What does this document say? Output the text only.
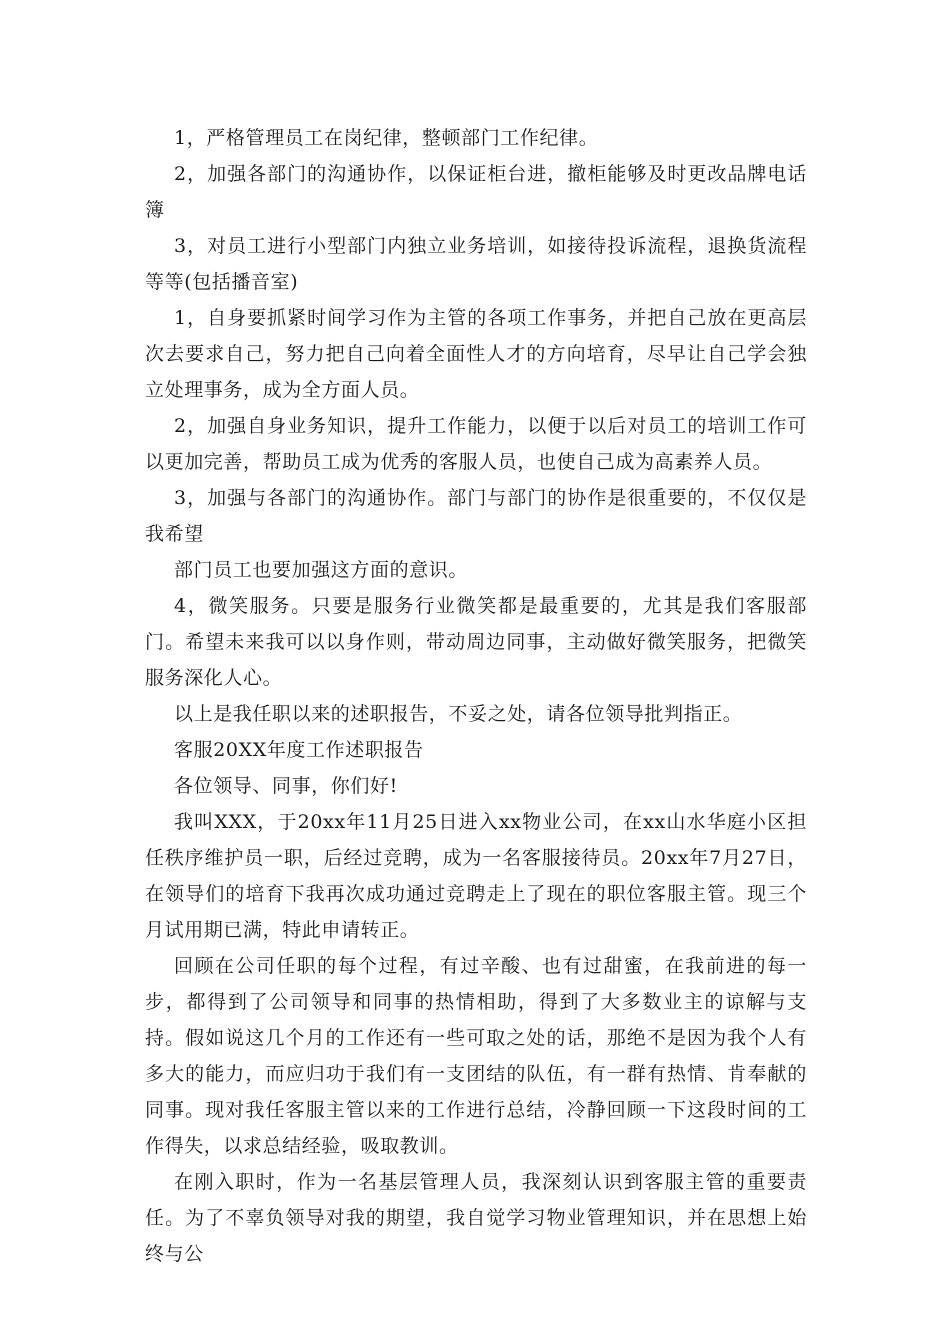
1，严格管理员工在岗纪律，整顿部门工作纪律。

2，加强各部门的沟通协作，以保证柜台进，撤柜能够及时更改品牌电话簿

3，对员工进行小型部门内独立业务培训，如接待投诉流程，退换货流程等等(包括播音室)

1，自身要抓紧时间学习作为主管的各项工作事务，并把自己放在更高层次去要求自己，努力把自己向着全面性人才的方向培育，尽早让自己学会独立处理事务，成为全方面人员。

2，加强自身业务知识，提升工作能力，以便于以后对员工的培训工作可以更加完善，帮助员工成为优秀的客服人员，也使自己成为高素养人员。

3，加强与各部门的沟通协作。部门与部门的协作是很重要的，不仅仅是我希望

部门员工也要加强这方面的意识。

4，微笑服务。只要是服务行业微笑都是最重要的，尤其是我们客服部门。希望未来我可以以身作则，带动周边同事，主动做好微笑服务，把微笑服务深化人心。

以上是我任职以来的述职报告，不妥之处，请各位领导批判指正。

客服20XX年度工作述职报告

各位领导、同事，你们好!

我叫XXX，于20xx年11月25日进入xx物业公司，在xx山水华庭小区担任秩序维护员一职，后经过竞聘，成为一名客服接待员。20xx年7月27日，在领导们的培育下我再次成功通过竞聘走上了现在的职位客服主管。现三个月试用期已满，特此申请转正。

回顾在公司任职的每个过程，有过辛酸、也有过甜蜜，在我前进的每一步，都得到了公司领导和同事的热情相助，得到了大多数业主的谅解与支持。假如说这几个月的工作还有一些可取之处的话，那绝不是因为我个人有多大的能力，而应归功于我们有一支团结的队伍，有一群有热情、肯奉献的同事。现对我任客服主管以来的工作进行总结，冷静回顾一下这段时间的工作得失，以求总结经验，吸取教训。

在刚入职时，作为一名基层管理人员，我深刻认识到客服主管的重要责任。为了不辜负领导对我的期望，我自觉学习物业管理知识，并在思想上始终与公
